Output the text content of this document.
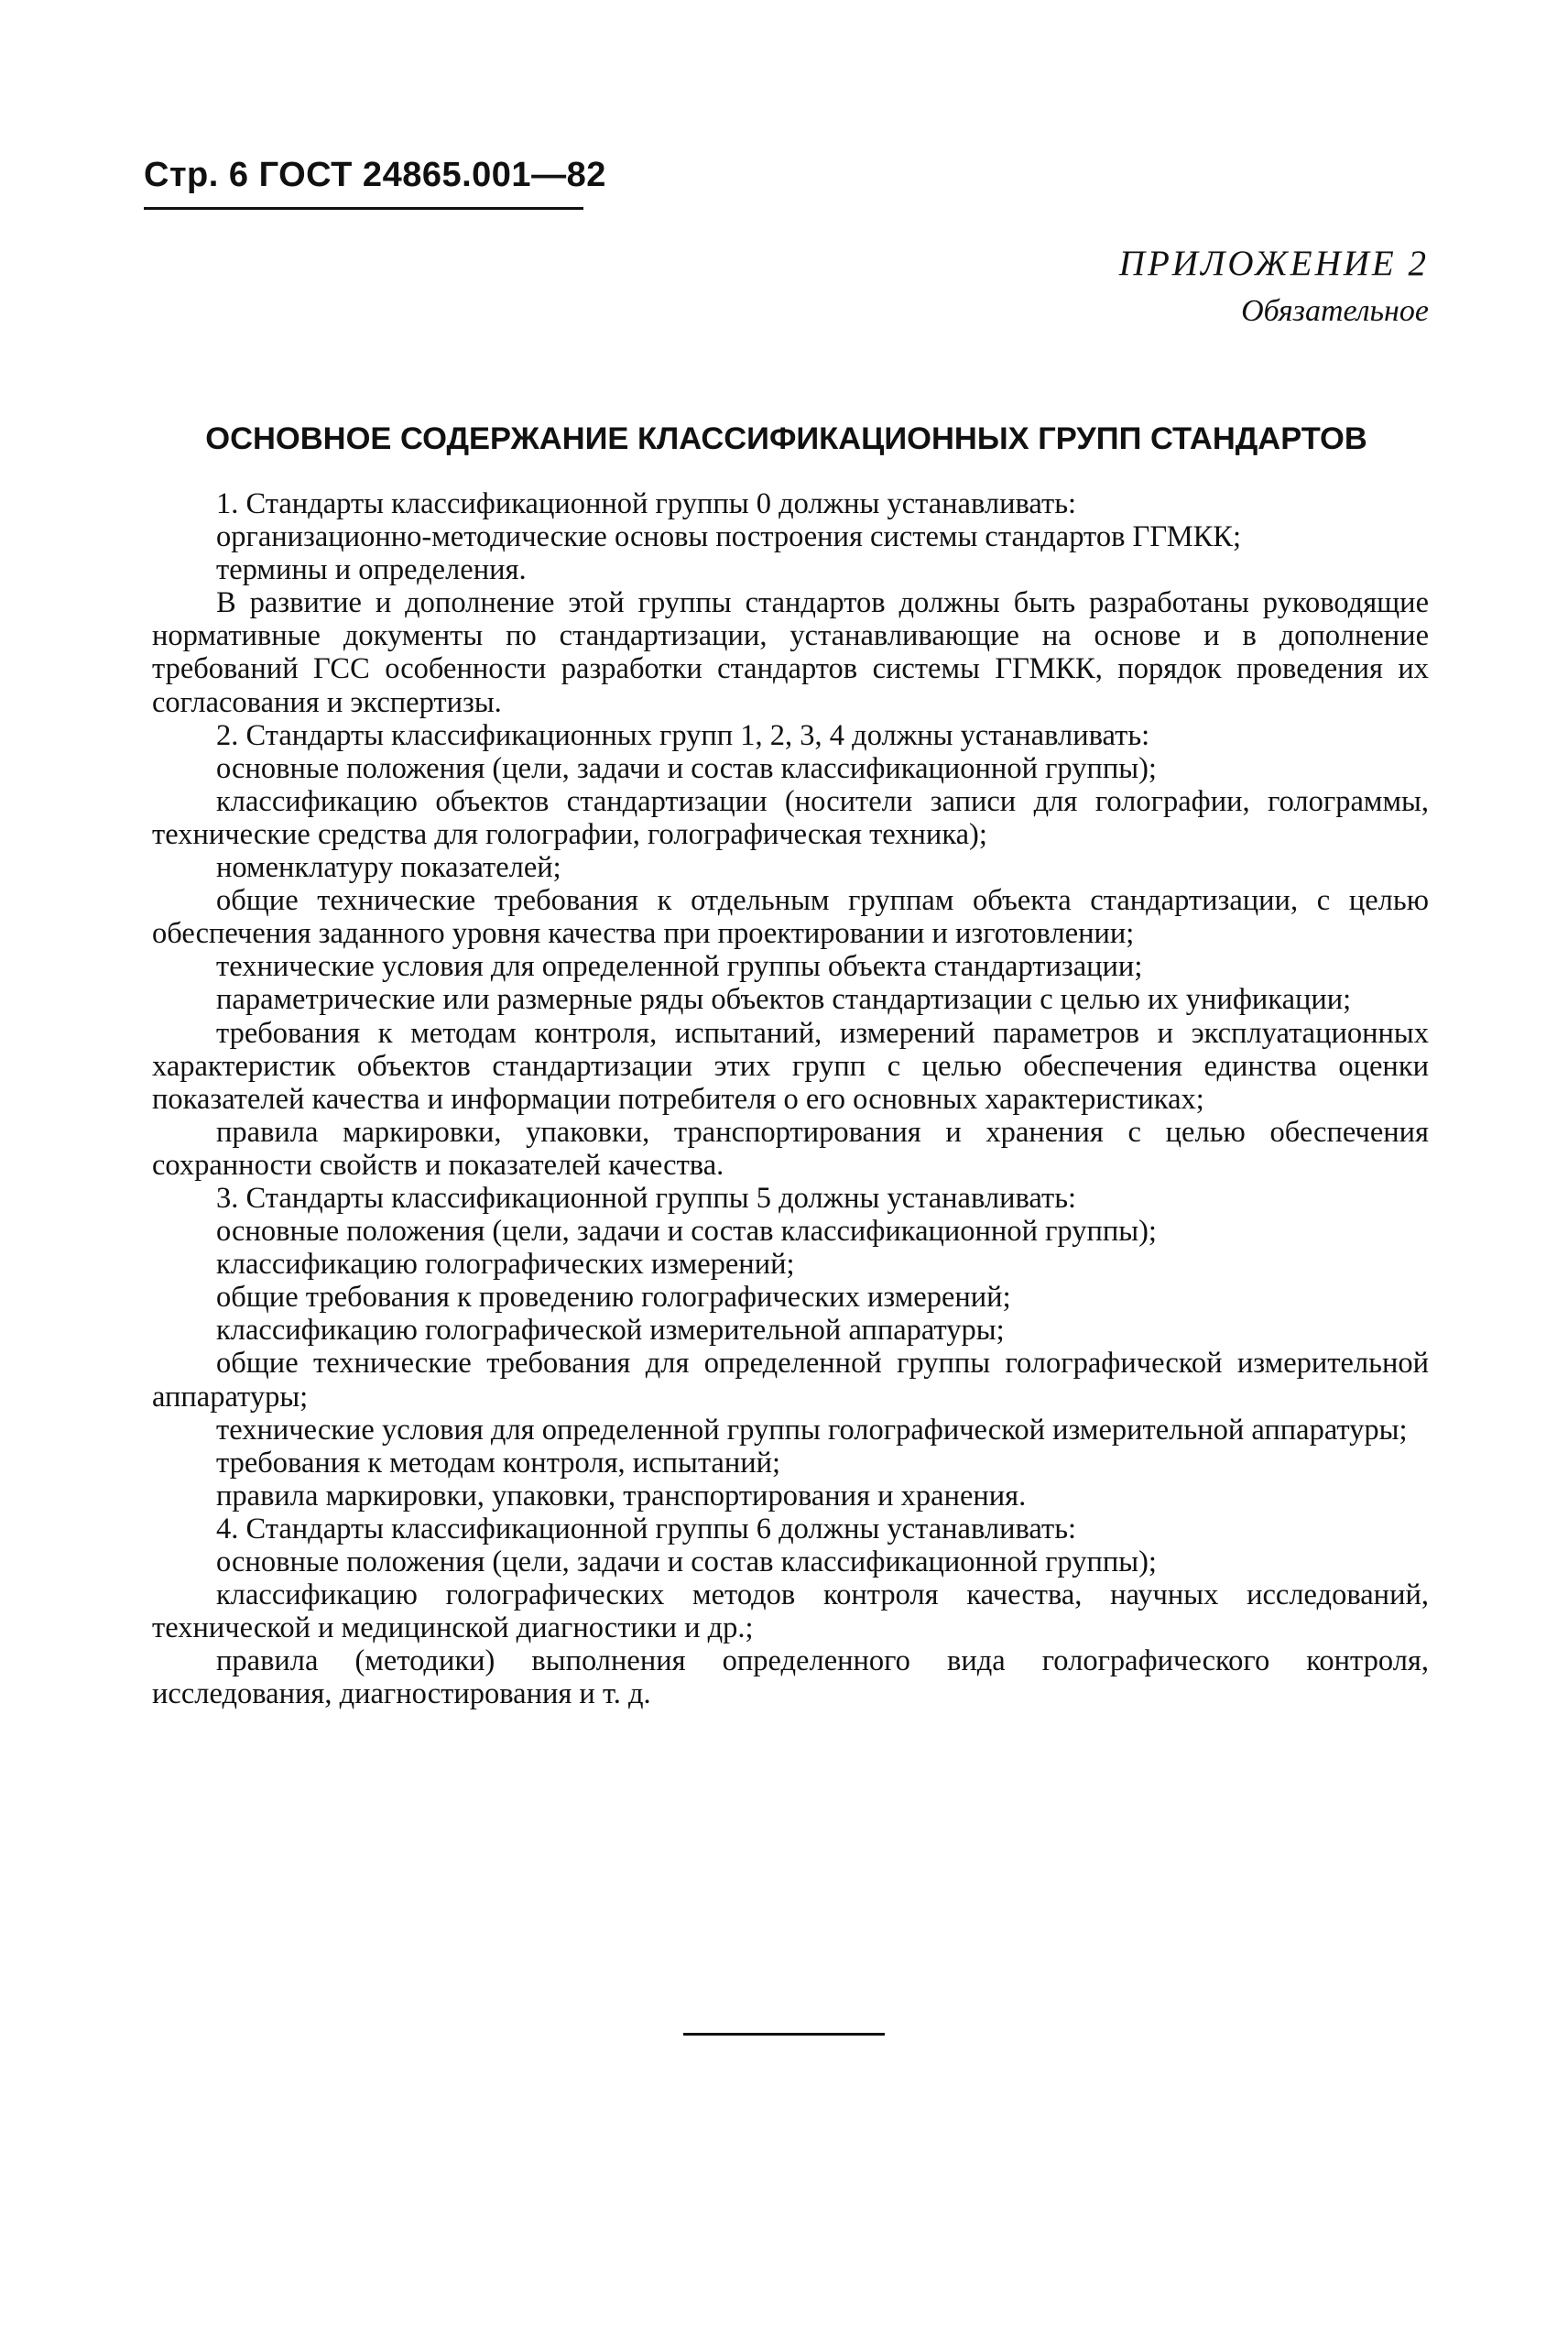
Стр. 6 ГОСТ 24865.001—82
ПРИЛОЖЕНИЕ 2
Обязательное
ОСНОВНОЕ СОДЕРЖАНИЕ КЛАССИФИКАЦИОННЫХ ГРУПП СТАНДАРТОВ

1. Стандарты классификационной группы 0 должны устанавливать:

организационно-методические основы построения системы стандартов ГГМКК;

термины и определения.

В развитие и дополнение этой группы стандартов должны быть разработаны руководящие нормативные документы по стандартизации, устанавливающие на основе и в дополнение требований ГСС особенности разработки стандартов системы ГГМКК, порядок проведения их согласования и экспертизы.

2. Стандарты классификационных групп 1, 2, 3, 4 должны устанавливать:

основные положения (цели, задачи и состав классификационной группы);

классификацию объектов стандартизации (носители записи для голографии, голограммы, технические средства для голографии, голографическая техника);

номенклатуру показателей;

общие технические требования к отдельным группам объекта стандартизации, с целью обеспечения заданного уровня качества при проектировании и изготовлении;

технические условия для определенной группы объекта стандартизации;

параметрические или размерные ряды объектов стандартизации с целью их унификации;

требования к методам контроля, испытаний, измерений параметров и эксплуатационных характеристик объектов стандартизации этих групп с целью обеспечения единства оценки показателей качества и информации потребителя о его основных характеристиках;

правила маркировки, упаковки, транспортирования и хранения с целью обеспечения сохранности свойств и показателей качества.

3. Стандарты классификационной группы 5 должны устанавливать:

основные положения (цели, задачи и состав классификационной группы);

классификацию голографических измерений;

общие требования к проведению голографических измерений;

классификацию голографической измерительной аппаратуры;

общие технические требования для определенной группы голографической измерительной аппаратуры;

технические условия для определенной группы голографической измерительной аппаратуры;

требования к методам контроля, испытаний;

правила маркировки, упаковки, транспортирования и хранения.

4. Стандарты классификационной группы 6 должны устанавливать:

основные положения (цели, задачи и состав классификационной группы);

классификацию голографических методов контроля качества, научных исследований, технической и медицинской диагностики и др.;

правила (методики) выполнения определенного вида голографического контроля, исследования, диагностирования и т. д.
